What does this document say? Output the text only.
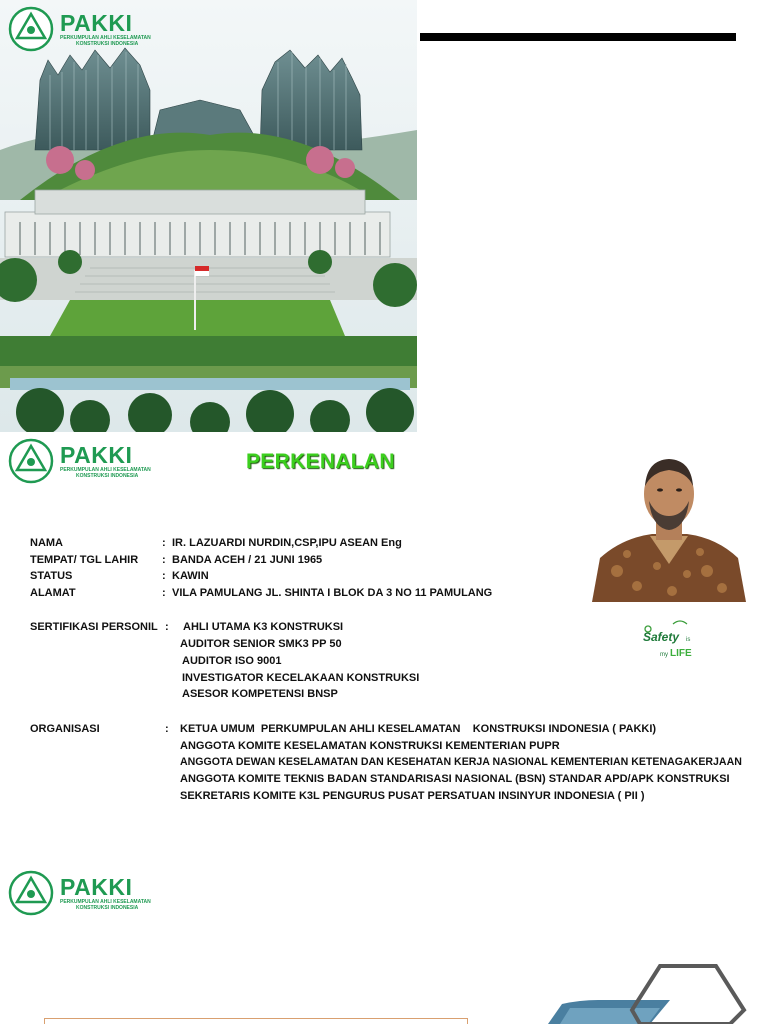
PAKKI
PERKUMPULAN AHLI KESELAMATAN
KONSTRUKSI INDONESIA
PAKKI
PERKUMPULAN AHLI KESELAMATAN
KONSTRUKSI INDONESIA
PERKENALAN
NAMA	: IR. LAZUARDI NURDIN,CSP,IPU ASEAN Eng
TEMPAT/ TGL LAHIR : BANDA ACEH / 21 JUNI 1965
STATUS	: KAWIN
ALAMAT	: VILA PAMULANG JL. SHINTA I BLOK DA 3 NO 11 PAMULANG
SERTIFIKASI PERSONIL : AHLI UTAMA K3 KONSTRUKSI
AUDITOR SENIOR SMK3 PP 50
AUDITOR ISO 9001
INVESTIGATOR KECELAKAAN KONSTRUKSI
ASESOR KOMPETENSI BNSP
ORGANISASI	: KETUA UMUM  PERKUMPULAN AHLI KESELAMATAN    KONSTRUKSI INDONESIA ( PAKKI)
ANGGOTA KOMITE KESELAMATAN KONSTRUKSI KEMENTERIAN PUPR
ANGGOTA DEWAN KESELAMATAN DAN KESEHATAN KERJA NASIONAL KEMENTERIAN KETENAGAKERJAAN
ANGGOTA KOMITE TEKNIS BADAN STANDARISASI NASIONAL (BSN) STANDAR APD/APK KONSTRUKSI
SEKRETARIS KOMITE K3L PENGURUS PUSAT PERSATUAN INSINYUR INDONESIA ( PII )
Safety is
my LIFE
PAKKI
PERKUMPULAN AHLI KESELAMATAN
KONSTRUKSI INDONESIA
